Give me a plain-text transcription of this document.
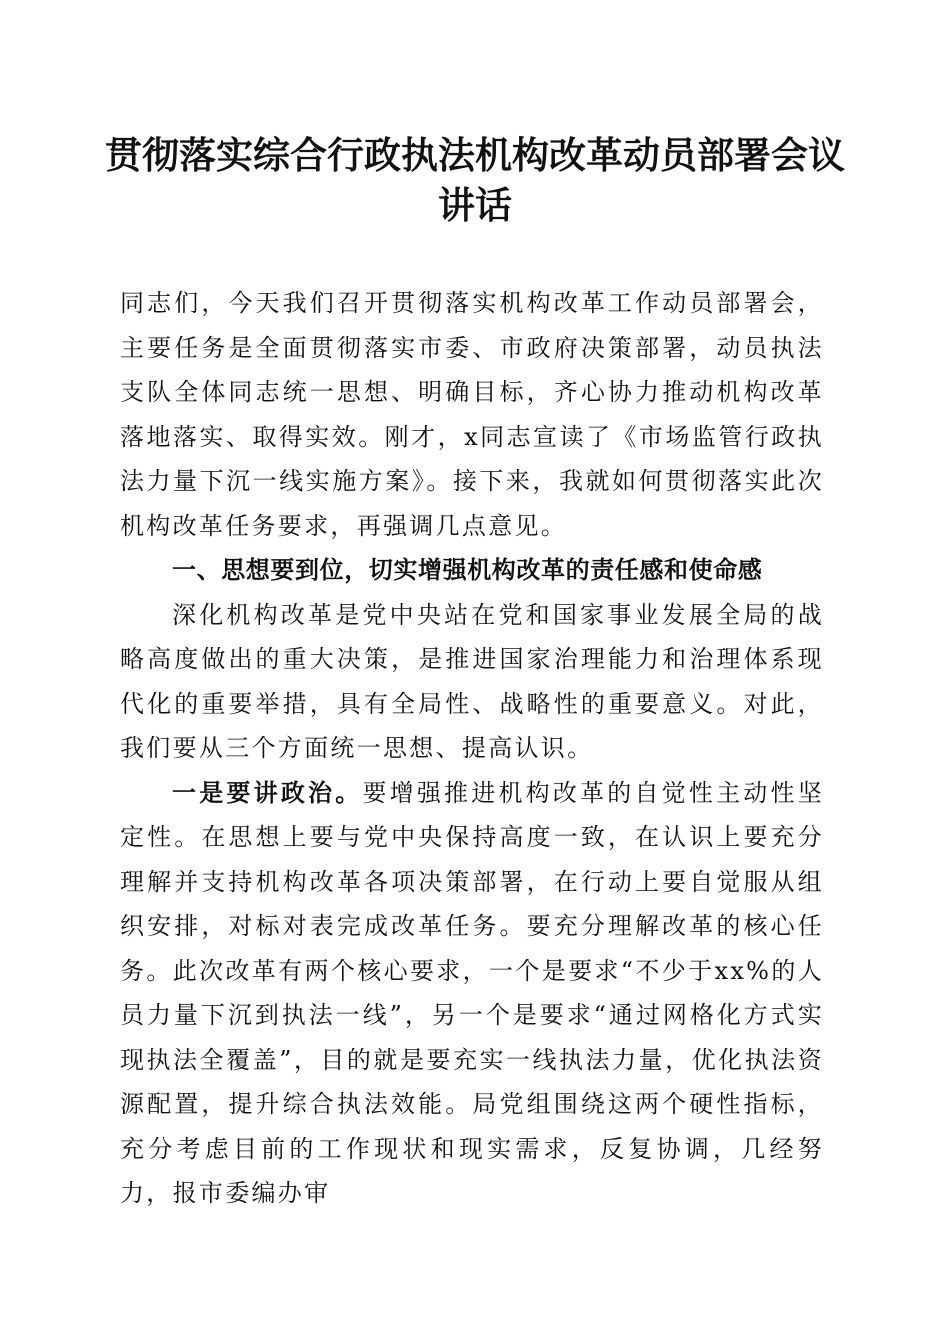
贯彻落实综合行政执法机构改革动员部署会议
讲话

同志们，今天我们召开贯彻落实机构改革工作动员部署会，主要任务是全面贯彻落实市委、市政府决策部署，动员执法支队全体同志统一思想、明确目标，齐心协力推动机构改革落地落实、取得实效。刚才，x同志宣读了《市场监管行政执法力量下沉一线实施方案》。接下来，我就如何贯彻落实此次机构改革任务要求，再强调几点意见。

一、思想要到位，切实增强机构改革的责任感和使命感

深化机构改革是党中央站在党和国家事业发展全局的战略高度做出的重大决策，是推进国家治理能力和治理体系现代化的重要举措，具有全局性、战略性的重要意义。对此，我们要从三个方面统一思想、提高认识。

一是要讲政治。要增强推进机构改革的自觉性主动性坚定性。在思想上要与党中央保持高度一致，在认识上要充分理解并支持机构改革各项决策部署，在行动上要自觉服从组织安排，对标对表完成改革任务。要充分理解改革的核心任务。此次改革有两个核心要求，一个是要求“不少于xx%的人员力量下沉到执法一线”，另一个是要求“通过网格化方式实现执法全覆盖”，目的就是要充实一线执法力量，优化执法资源配置，提升综合执法效能。局党组围绕这两个硬性指标，充分考虑目前的工作现状和现实需求，反复协调，几经努力，报市委编办审
